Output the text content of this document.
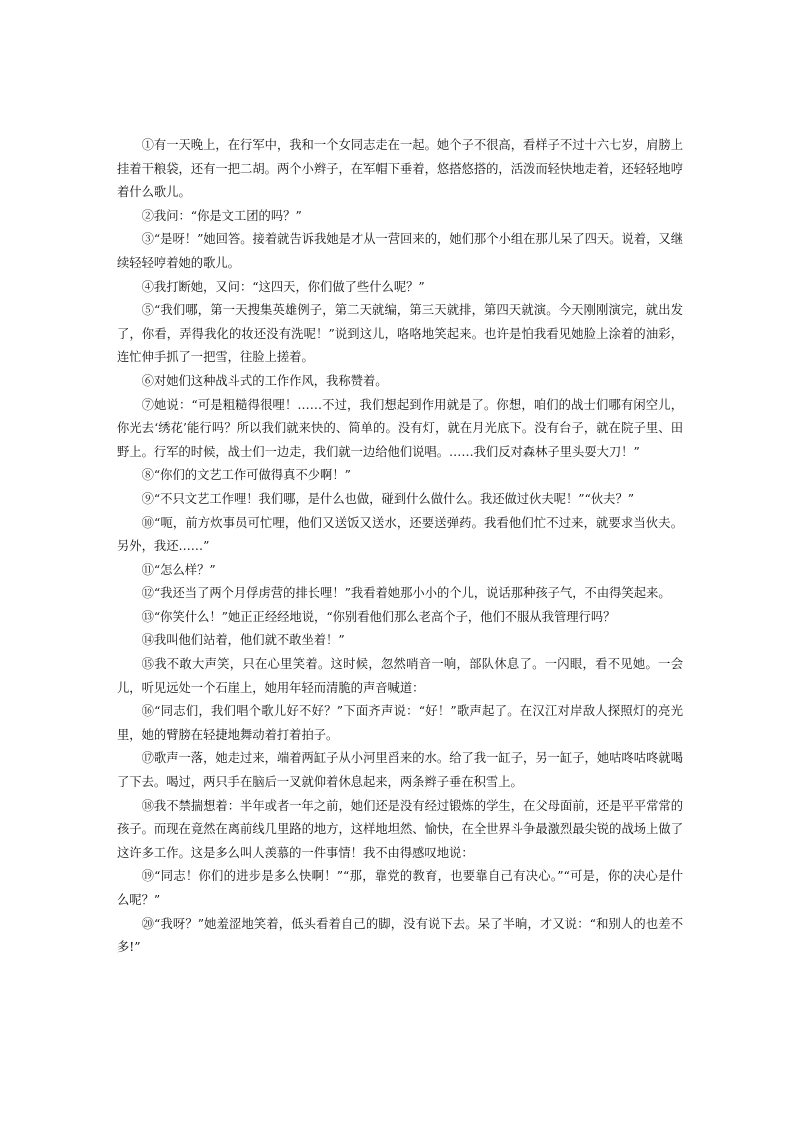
①有一天晚上，在行军中，我和一个女同志走在一起。她个子不很高，看样子不过十六七岁，肩膀上挂着干粮袋，还有一把二胡。两个小辫子，在军帽下垂着，悠搭悠搭的，活泼而轻快地走着，还轻轻地哼着什么歌儿。

②我问：“你是文工团的吗？”

③“是呀！”她回答。接着就告诉我她是才从一营回来的，她们那个小组在那儿呆了四天。说着，又继续轻轻哼着她的歌儿。

④我打断她，又问：“这四天，你们做了些什么呢？”

⑤“我们哪，第一天搜集英雄例子，第二天就编，第三天就排，第四天就演。今天刚刚演完，就出发了，你看，弄得我化的妆还没有洗呢！”说到这儿，咯咯地笑起来。也许是怕我看见她脸上涂着的油彩，连忙伸手抓了一把雪，往脸上搓着。

⑥对她们这种战斗式的工作作风，我称赞着。

⑦她说：“可是粗糙得很哩！……不过，我们想起到作用就是了。你想，咱们的战士们哪有闲空儿，你光去‘绣花’能行吗？所以我们就来快的、简单的。没有灯，就在月光底下。没有台子，就在院子里、田野上。行军的时候，战士们一边走，我们就一边给他们说唱。……我们反对森林子里头耍大刀！”

⑧“你们的文艺工作可做得真不少啊！”

⑨“不只文艺工作哩！我们哪，是什么也做，碰到什么做什么。我还做过伙夫呢！”“伙夫？”

⑩“呃，前方炊事员可忙哩，他们又送饭又送水，还要送弹药。我看他们忙不过来，就要求当伙夫。另外，我还……”

⑪“怎么样？”

⑫“我还当了两个月俘虏营的排长哩！”我看着她那小小的个儿，说话那种孩子气，不由得笑起来。

⑬“你笑什么！”她正正经经地说，“你别看他们那么老高个子，他们不服从我管理行吗？

⑭我叫他们站着，他们就不敢坐着！”

⑮我不敢大声笑，只在心里笑着。这时候，忽然哨音一响，部队休息了。一闪眼，看不见她。一会儿，听见远处一个石崖上，她用年轻而清脆的声音喊道：

⑯“同志们，我们唱个歌儿好不好？”下面齐声说：“好！”歌声起了。在汉江对岸敌人探照灯的亮光里，她的臂膀在轻捷地舞动着打着拍子。

⑰歌声一落，她走过来，端着两缸子从小河里舀来的水。给了我一缸子，另一缸子，她咕咚咕咚就喝了下去。喝过，两只手在脑后一叉就仰着休息起来，两条辫子垂在积雪上。

⑱我不禁揣想着：半年或者一年之前，她们还是没有经过锻炼的学生，在父母面前，还是平平常常的孩子。而现在竟然在离前线几里路的地方，这样地坦然、愉快，在全世界斗争最激烈最尖锐的战场上做了这许多工作。这是多么叫人羡慕的一件事情！我不由得感叹地说：

⑲“同志！你们的进步是多么快啊！”“那，靠党的教育，也要靠自己有决心。”“可是，你的决心是什么呢？”

⑳“我呀？”她羞涩地笑着，低头看着自己的脚，没有说下去。呆了半晌，才又说：“和别人的也差不多!”
